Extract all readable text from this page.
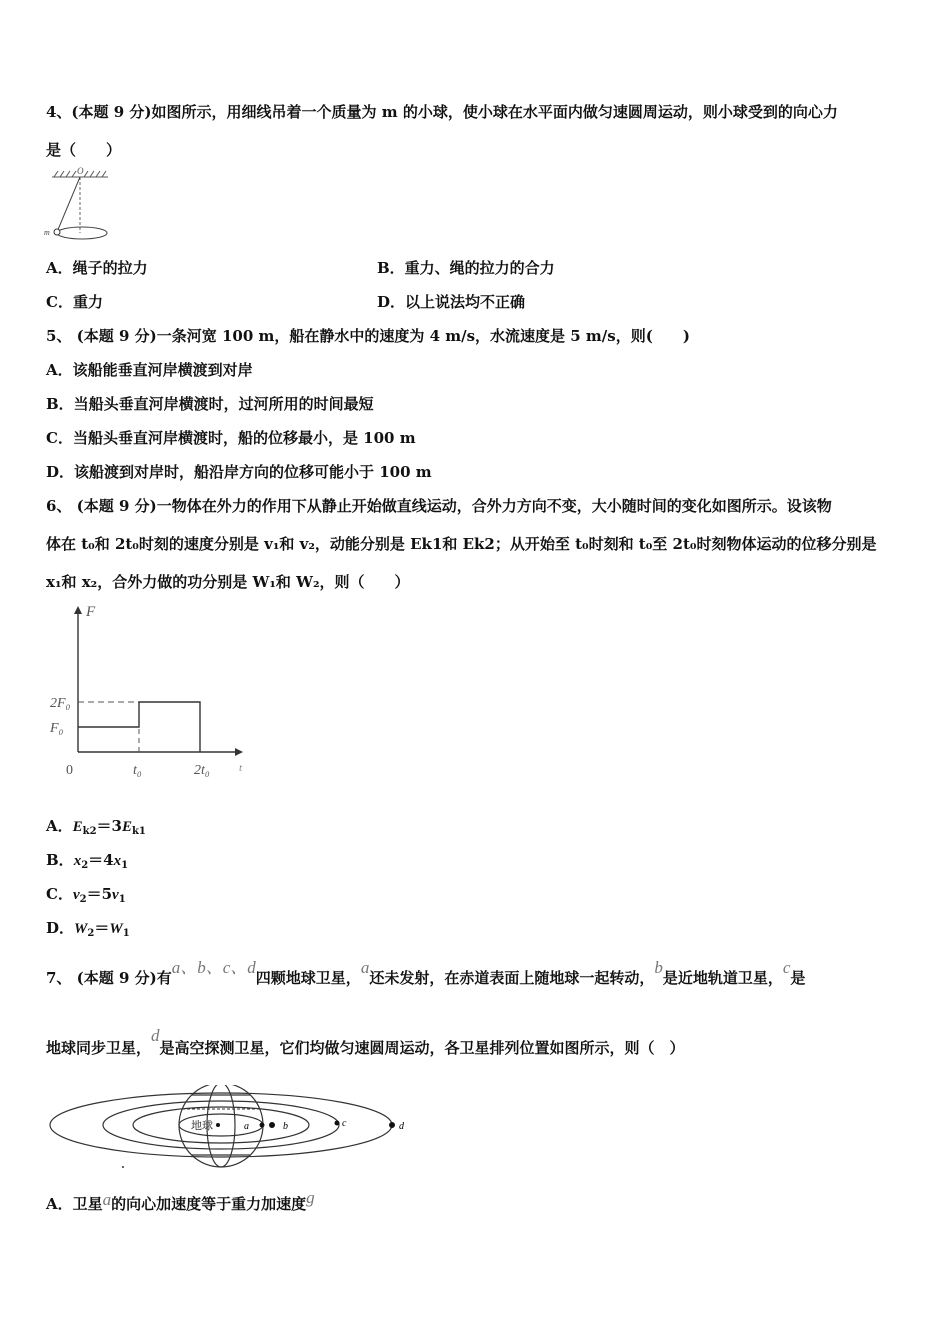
4、(本题 9 分)如图所示，用细线吊着一个质量为 m 的小球，使小球在水平面内做匀速圆周运动，则小球受到的向心力
是（　　）
O
m
A．绳子的拉力	B．重力、绳的拉力的合力
C．重力	D．以上说法均不正确
5、 (本题 9 分)一条河宽 100 m，船在静水中的速度为 4 m/s，水流速度是 5 m/s，则(　　)
A．该船能垂直河岸横渡到对岸
B．当船头垂直河岸横渡时，过河所用的时间最短
C．当船头垂直河岸横渡时，船的位移最小，是 100 m
D．该船渡到对岸时，船沿岸方向的位移可能小于 100 m
6、 (本题 9 分)一物体在外力的作用下从静止开始做直线运动，合外力方向不变，大小随时间的变化如图所示。设该物
体在 t₀和 2t₀时刻的速度分别是 v₁和 v₂，动能分别是 Ek1和 Ek2；从开始至 t₀时刻和 t₀至 2t₀时刻物体运动的位移分别是
x₁和 x₂，合外力做的功分别是 W₁和 W₂，则（　　）
F
t
0	t₀	2t₀
F₀
2F₀
A．$E_{k2}=3E_{k1}$
B．$x_2=4x_1$
C．$v_2=5v_1$
D．$W_2=W_1$
7、 (本题 9 分)有a、b、c、d四颗地球卫星，a还未发射，在赤道表面上随地球一起转动，b是近地轨道卫星，c是
地球同步卫星，d是高空探测卫星，它们均做匀速圆周运动，各卫星排列位置如图所示，则（　）
地球	a	b	c	d
A．卫星a的向心加速度等于重力加速度g
